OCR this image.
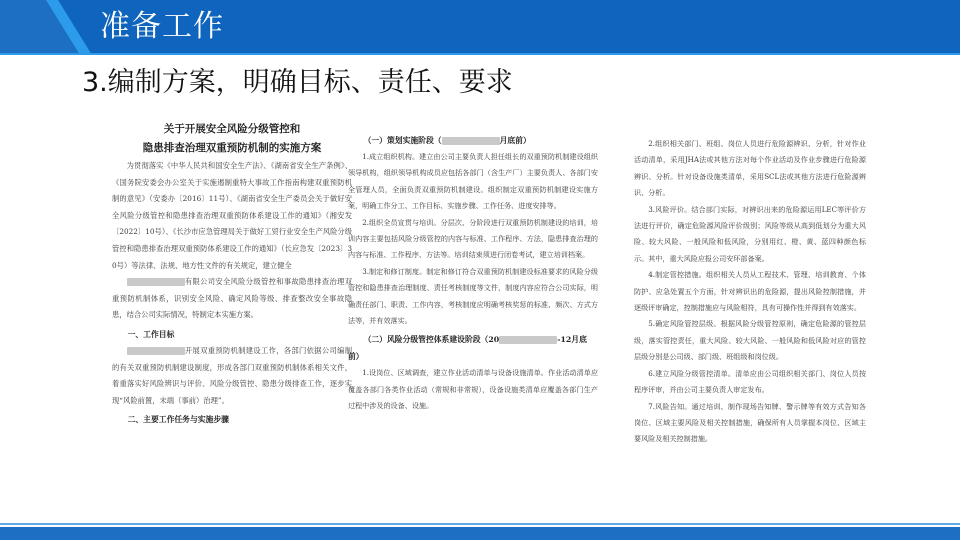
准备工作
3.编制方案，明确目标、责任、要求
关于开展安全风险分级管控和
隐患排查治理双重预防机制的实施方案

为贯彻落实《中华人民共和国安全生产法》、《湖南省安全生产条例》、《国务院安委会办公室关于实施遏制重特大事故工作指南构建双重预防机制的意见》（安委办〔2016〕11号）、《湖南省安全生产委员会关于做好安全风险分级管控和隐患排查治理双重预防体系建设工作的通知》（湘安发〔2022〕10号）、《长沙市应急管理局关于做好工贸行业安全生产风险分级管控和隐患排查治理双重预防体系建设工作的通知》（长应急发〔2023〕30号）等法律、法规、地方性文件的有关规定，建立健全

有限公司安全风险分级管控和事故隐患排查治理双重预防机制体系，识别安全风险、确定风险等级、排查整改安全事故隐患，结合公司实际情况，特制定本实施方案。

一、工作目标

开展双重预防机制建设工作，各部门依据公司编制的有关双重预防机制建设制度，形成各部门双重预防机制体系相关文件，着重落实好风险辨识与评价、风险分级管控、隐患分级排查工作，逐步实现“风险前置，末端（事前）治理”。

二、主要工作任务与实施步骤

（一）策划实施阶段（	月底前）

1.成立组织机构。建立由公司主要负责人担任组长的双重预防机制建设组织领导机构，组织领导机构成员应包括各部门（含生产厂）主要负责人、各部门安全管理人员，全面负责双重预防机制建设。组织制定双重预防机制建设实施方案，明确工作分工、工作目标、实施步骤、工作任务、进度安排等。

2.组织全员宣贯与培训。分层次、分阶段进行双重预防机制建设的培训，培训内容主要包括风险分级管控的内容与标准、工作程序、方法，隐患排查治理的内容与标准、工作程序、方法等。培训结束须进行闭卷考试，建立培训档案。

3.制定和修订制度。制定和修订符合双重预防机制建设标准要求的风险分级管控和隐患排查治理制度、责任考核制度等文件，制度内容应符合公司实际，明确责任部门、职责、工作内容，考核制度应明确考核奖惩的标准、频次、方式方法等，并有效落实。

（二）风险分级管控体系建设阶段（20	-12月底前）

1.设岗位、区域调查，建立作业活动清单与设备设施清单。作业活动清单应覆盖各部门各类作业活动（常规和非常规），设备设施类清单应覆盖各部门生产过程中涉及的设备、设施。

2.组织相关部门、班组、岗位人员进行危险源辨识、分析，针对作业活动清单，采用JHA法或其他方法对每个作业活动及作业步骤进行危险源辨识、分析。针对设备设施类清单，采用SCL法或其他方法进行危险源辨识、分析。

3.风险评价。结合部门实际，对辨识出来的危险源运用LEC等评价方法进行评价，确定危险源风险评价级别；风险等级从高到低划分为重大风险、较大风险、一般风险和低风险，分别用红、橙、黄、蓝四种颜色标示。其中，重大风险应报公司安环部备案。

4.制定管控措施。组织相关人员从工程技术、管理、培训教育、个体防护、应急处置五个方面，针对辨识出的危险源，提出风险控制措施，并逐级评审确定，控制措施应与风险相符，具有可操作性并得到有效落实。

5.确定风险管控层级。根据风险分级管控原则，确定危险源的管控层级，落实管控责任，重大风险、较大风险、一般风险和低风险对应的管控层级分别是公司级、部门级、班组级和岗位级。

6.建立风险分级管控清单。清单应由公司组织相关部门、岗位人员按程序评审，并由公司主要负责人审定发布。

7.风险告知。通过培训、制作现场告知牌、警示牌等有效方式告知各岗位、区域主要风险及相关控制措施，确保所有人员掌握本岗位、区域主要风险及相关控制措施。
